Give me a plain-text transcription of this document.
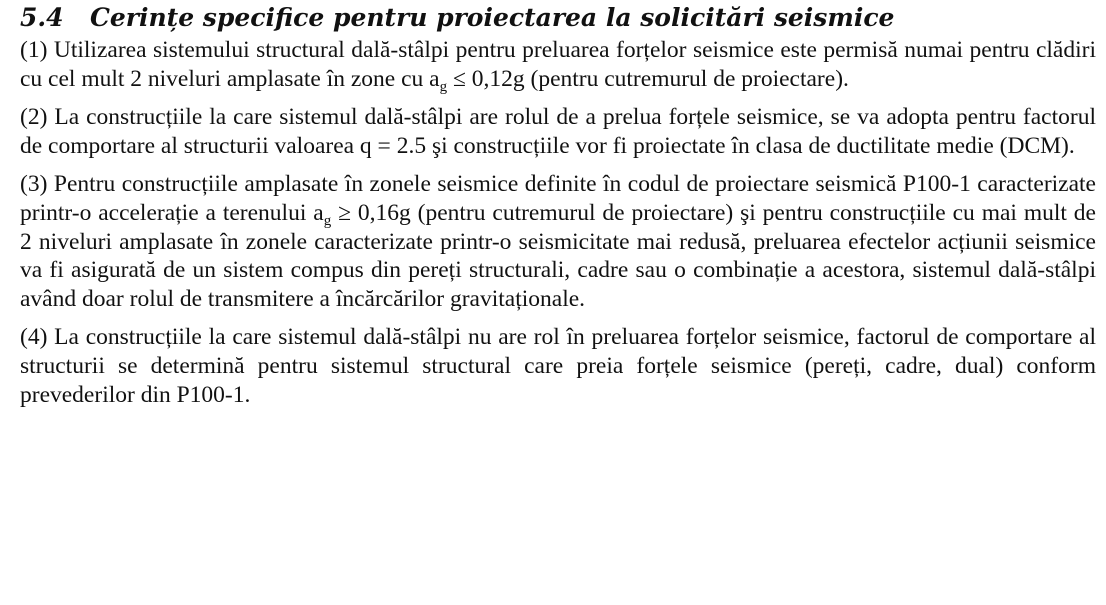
5.4 Cerințe specifice pentru proiectarea la solicitări seismice

(1) Utilizarea sistemului structural dală-stâlpi pentru preluarea forțelor seismice este permisă numai pentru clădiri cu cel mult 2 niveluri amplasate în zone cu $a_g \le 0,12g$ (pentru cutremurul de proiectare).

(2) La construcțiile la care sistemul dală-stâlpi are rolul de a prelua forțele seismice, se va adopta pentru factorul de comportare al structurii valoarea q = 2.5 şi construcțiile vor fi proiectate în clasa de ductilitate medie (DCM).

(3) Pentru construcțiile amplasate în zonele seismice definite în codul de proiectare seismică P100-1 caracterizate printr-o accelerație a terenului $a_g \ge 0,16g$ (pentru cutremurul de proiectare) şi pentru construcțiile cu mai mult de 2 niveluri amplasate în zonele caracterizate printr-o seismicitate mai redusă, preluarea efectelor acțiunii seismice va fi asigurată de un sistem compus din pereți structurali, cadre sau o combinație a acestora, sistemul dală-stâlpi având doar rolul de transmitere a încărcărilor gravitaționale.

(4) La construcțiile la care sistemul dală-stâlpi nu are rol în preluarea forțelor seismice, factorul de comportare al structurii se determină pentru sistemul structural care preia forțele seismice (pereți, cadre, dual) conform prevederilor din P100-1.
